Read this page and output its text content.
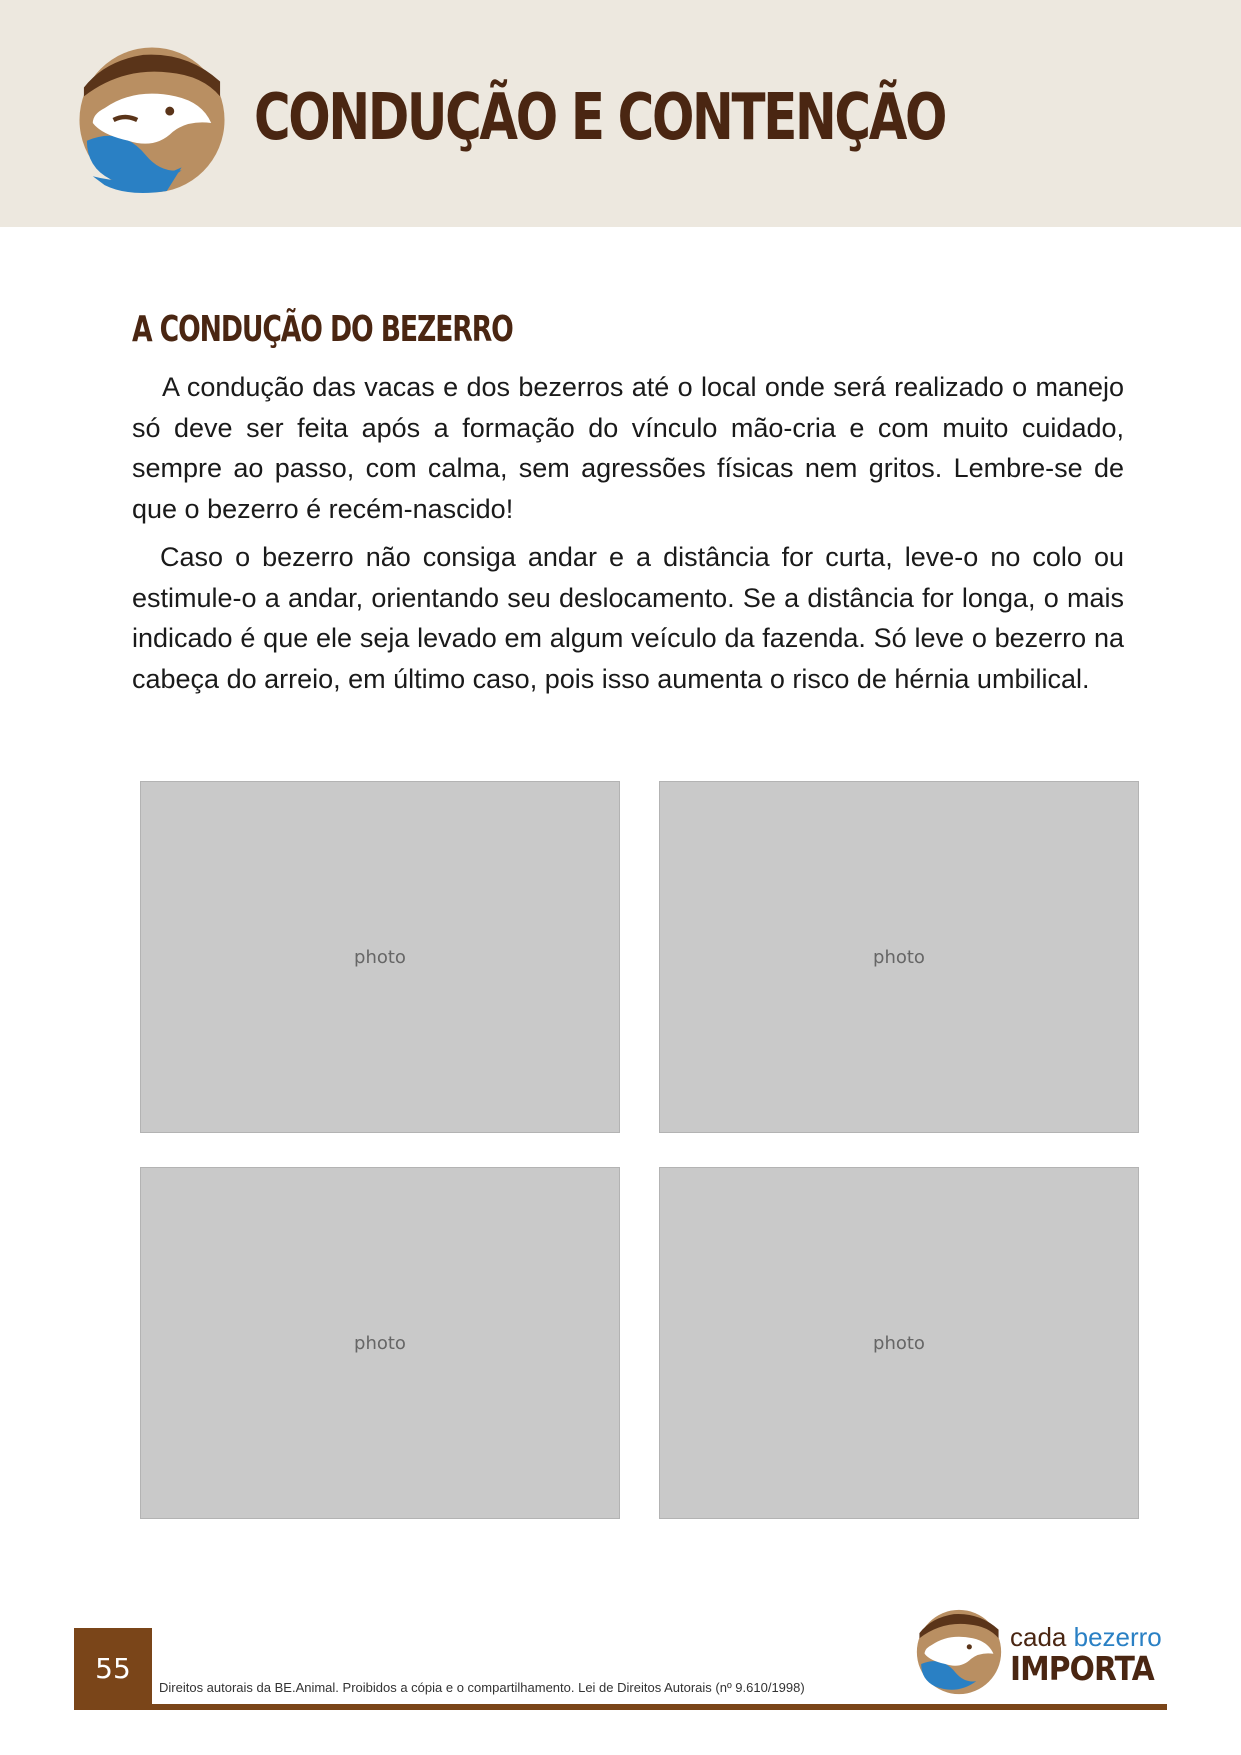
CONDUÇÃO E CONTENÇÃO
A CONDUÇÃO DO BEZERRO

A condução das vacas e dos bezerros até o local onde será realizado o manejo só deve ser feita após a formação do vínculo mão-cria e com muito cuidado, sempre ao passo, com calma, sem agressões físicas nem gritos. Lembre-se de que o bezerro é recém-nascido!

Caso o bezerro não consiga andar e a distância for curta, leve-o no colo ou estimule-o a andar, orientando seu deslocamento. Se a distância for longa, o mais indicado é que ele seja levado em algum veículo da fazenda. Só leve o bezerro na cabeça do arreio, em último caso, pois isso aumenta o risco de hérnia umbilical.

photo	photo
photo	photo
55
Direitos autorais da BE.Animal. Proibidos a cópia e o compartilhamento. Lei de Direitos Autorais (nº 9.610/1998)
cada bezerro
IMPORTA
